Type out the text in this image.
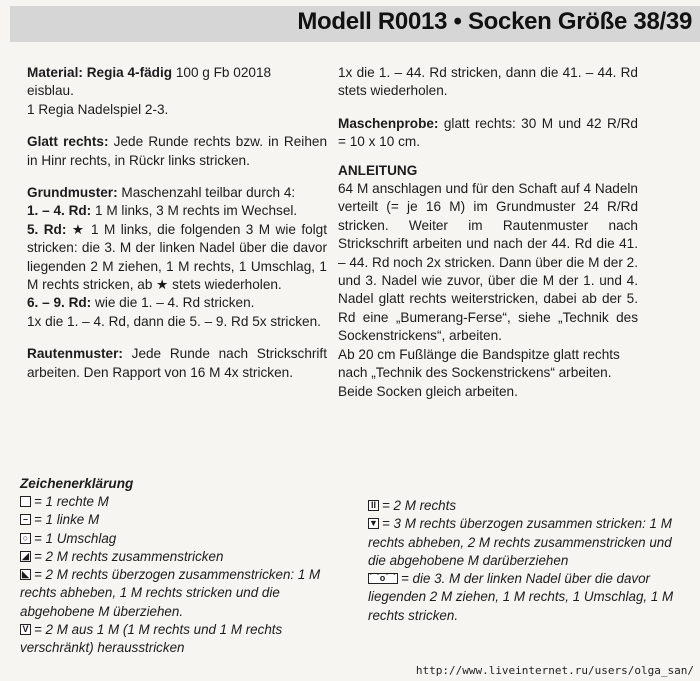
Modell R0013 • Socken Größe 38/39

Material: Regia 4-fädig 100 g Fb 02018
eisblau.
1 Regia Nadelspiel 2-3.

Glatt rechts: Jede Runde rechts bzw. in Reihen in Hinr rechts, in Rückr links stricken.

Grundmuster: Maschenzahl teilbar durch 4:
1. – 4. Rd: 1 M links, 3 M rechts im Wechsel.
5. Rd: ★ 1 M links, die folgenden 3 M wie folgt stricken: die 3. M der linken Nadel über die davor liegenden 2 M ziehen, 1 M rechts, 1 Umschlag, 1 M rechts stricken, ab ★ stets wiederholen.
6. – 9. Rd: wie die 1. – 4. Rd stricken.
1x die 1. – 4. Rd, dann die 5. – 9. Rd 5x stricken.

Rautenmuster: Jede Runde nach Strickschrift arbeiten. Den Rapport von 16 M 4x stricken.

1x die 1. – 44. Rd stricken, dann die 41. – 44. Rd stets wiederholen.

Maschenprobe: glatt rechts: 30 M und 42 R/Rd = 10 x 10 cm.

ANLEITUNG

64 M anschlagen und für den Schaft auf 4 Nadeln verteilt (= je 16 M) im Grundmuster 24 R/Rd stricken. Weiter im Rautenmuster nach Strickschrift arbeiten und nach der 44. Rd die 41. – 44. Rd noch 2x stricken. Dann über die M der 2. und 3. Nadel wie zuvor, über die M der 1. und 4. Nadel glatt rechts weiterstricken, dabei ab der 5. Rd eine „Bumerang-Ferse“, siehe „Technik des Sockenstrickens“, arbeiten.

Ab 20 cm Fußlänge die Bandspitze glatt rechts nach „Technik des Sockenstrickens“ arbeiten. Beide Socken gleich arbeiten.

Zeichenerklärung

= 1 rechte M

– = 1 linke M

○ = 1 Umschlag

◢ = 2 M rechts zusammenstricken

◣ = 2 M rechts überzogen zusammenstricken: 1 M rechts abheben, 1 M rechts stricken und die abgehobene M überziehen.

V = 2 M aus 1 M (1 M rechts und 1 M rechts verschränkt) herausstricken

II = 2 M rechts

▼ = 3 M rechts überzogen zusammen stricken: 1 M rechts abheben, 2 M rechts zusammenstricken und die abgehobene M darüberziehen

⌒o⌒ = die 3. M der linken Nadel über die davor liegenden 2 M ziehen, 1 M rechts, 1 Umschlag, 1 M rechts stricken.

http://www.liveinternet.ru/users/olga_san/
